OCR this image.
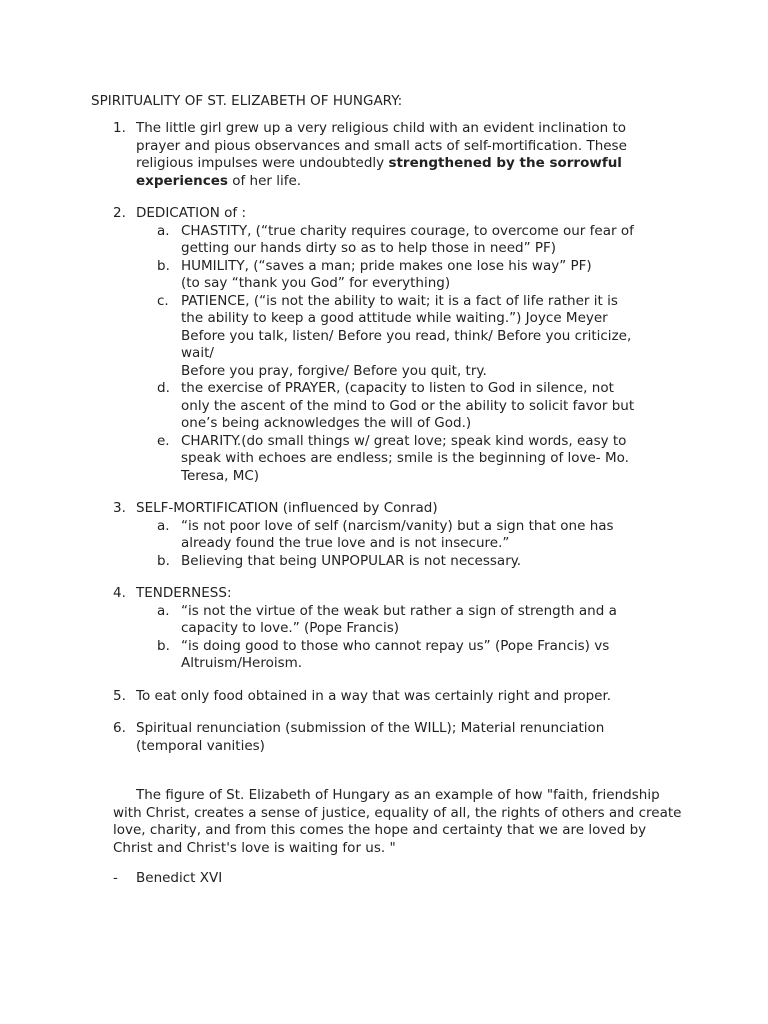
SPIRITUALITY OF ST. ELIZABETH OF HUNGARY:
1. The little girl grew up a very religious child with an evident inclination to prayer and pious observances and small acts of self-mortification. These religious impulses were undoubtedly strengthened by the sorrowful experiences of her life.
2. DEDICATION of :
a. CHASTITY, (“true charity requires courage, to overcome our fear of getting our hands dirty so as to help those in need” PF)
b. HUMILITY, (“saves a man; pride makes one lose his way” PF)
(to say “thank you God” for everything)
c. PATIENCE, (“is not the ability to wait; it is a fact of life rather it is the ability to keep a good attitude while waiting.”) Joyce Meyer
Before you talk, listen/ Before you read, think/ Before you criticize, wait/
Before you pray, forgive/ Before you quit, try.
d. the exercise of PRAYER, (capacity to listen to God in silence, not only the ascent of the mind to God or the ability to solicit favor but one’s being acknowledges the will of God.)
e. CHARITY.(do small things w/ great love; speak kind words, easy to speak with echoes are endless; smile is the beginning of love- Mo. Teresa, MC)
3. SELF-MORTIFICATION (influenced by Conrad)
a. “is not poor love of self (narcism/vanity) but a sign that one has already found the true love and is not insecure.”
b. Believing that being UNPOPULAR is not necessary.
4. TENDERNESS:
a. “is not the virtue of the weak but rather a sign of strength and a capacity to love.” (Pope Francis)
b. “is doing good to those who cannot repay us” (Pope Francis) vs Altruism/Heroism.
5. To eat only food obtained in a way that was certainly right and proper.
6. Spiritual renunciation (submission of the WILL); Material renunciation (temporal vanities)
The figure of St. Elizabeth of Hungary as an example of how "faith, friendship with Christ, creates a sense of justice, equality of all, the rights of others and create love, charity, and from this comes the hope and certainty that we are loved by Christ and Christ's love is waiting for us. "
- Benedict XVI
